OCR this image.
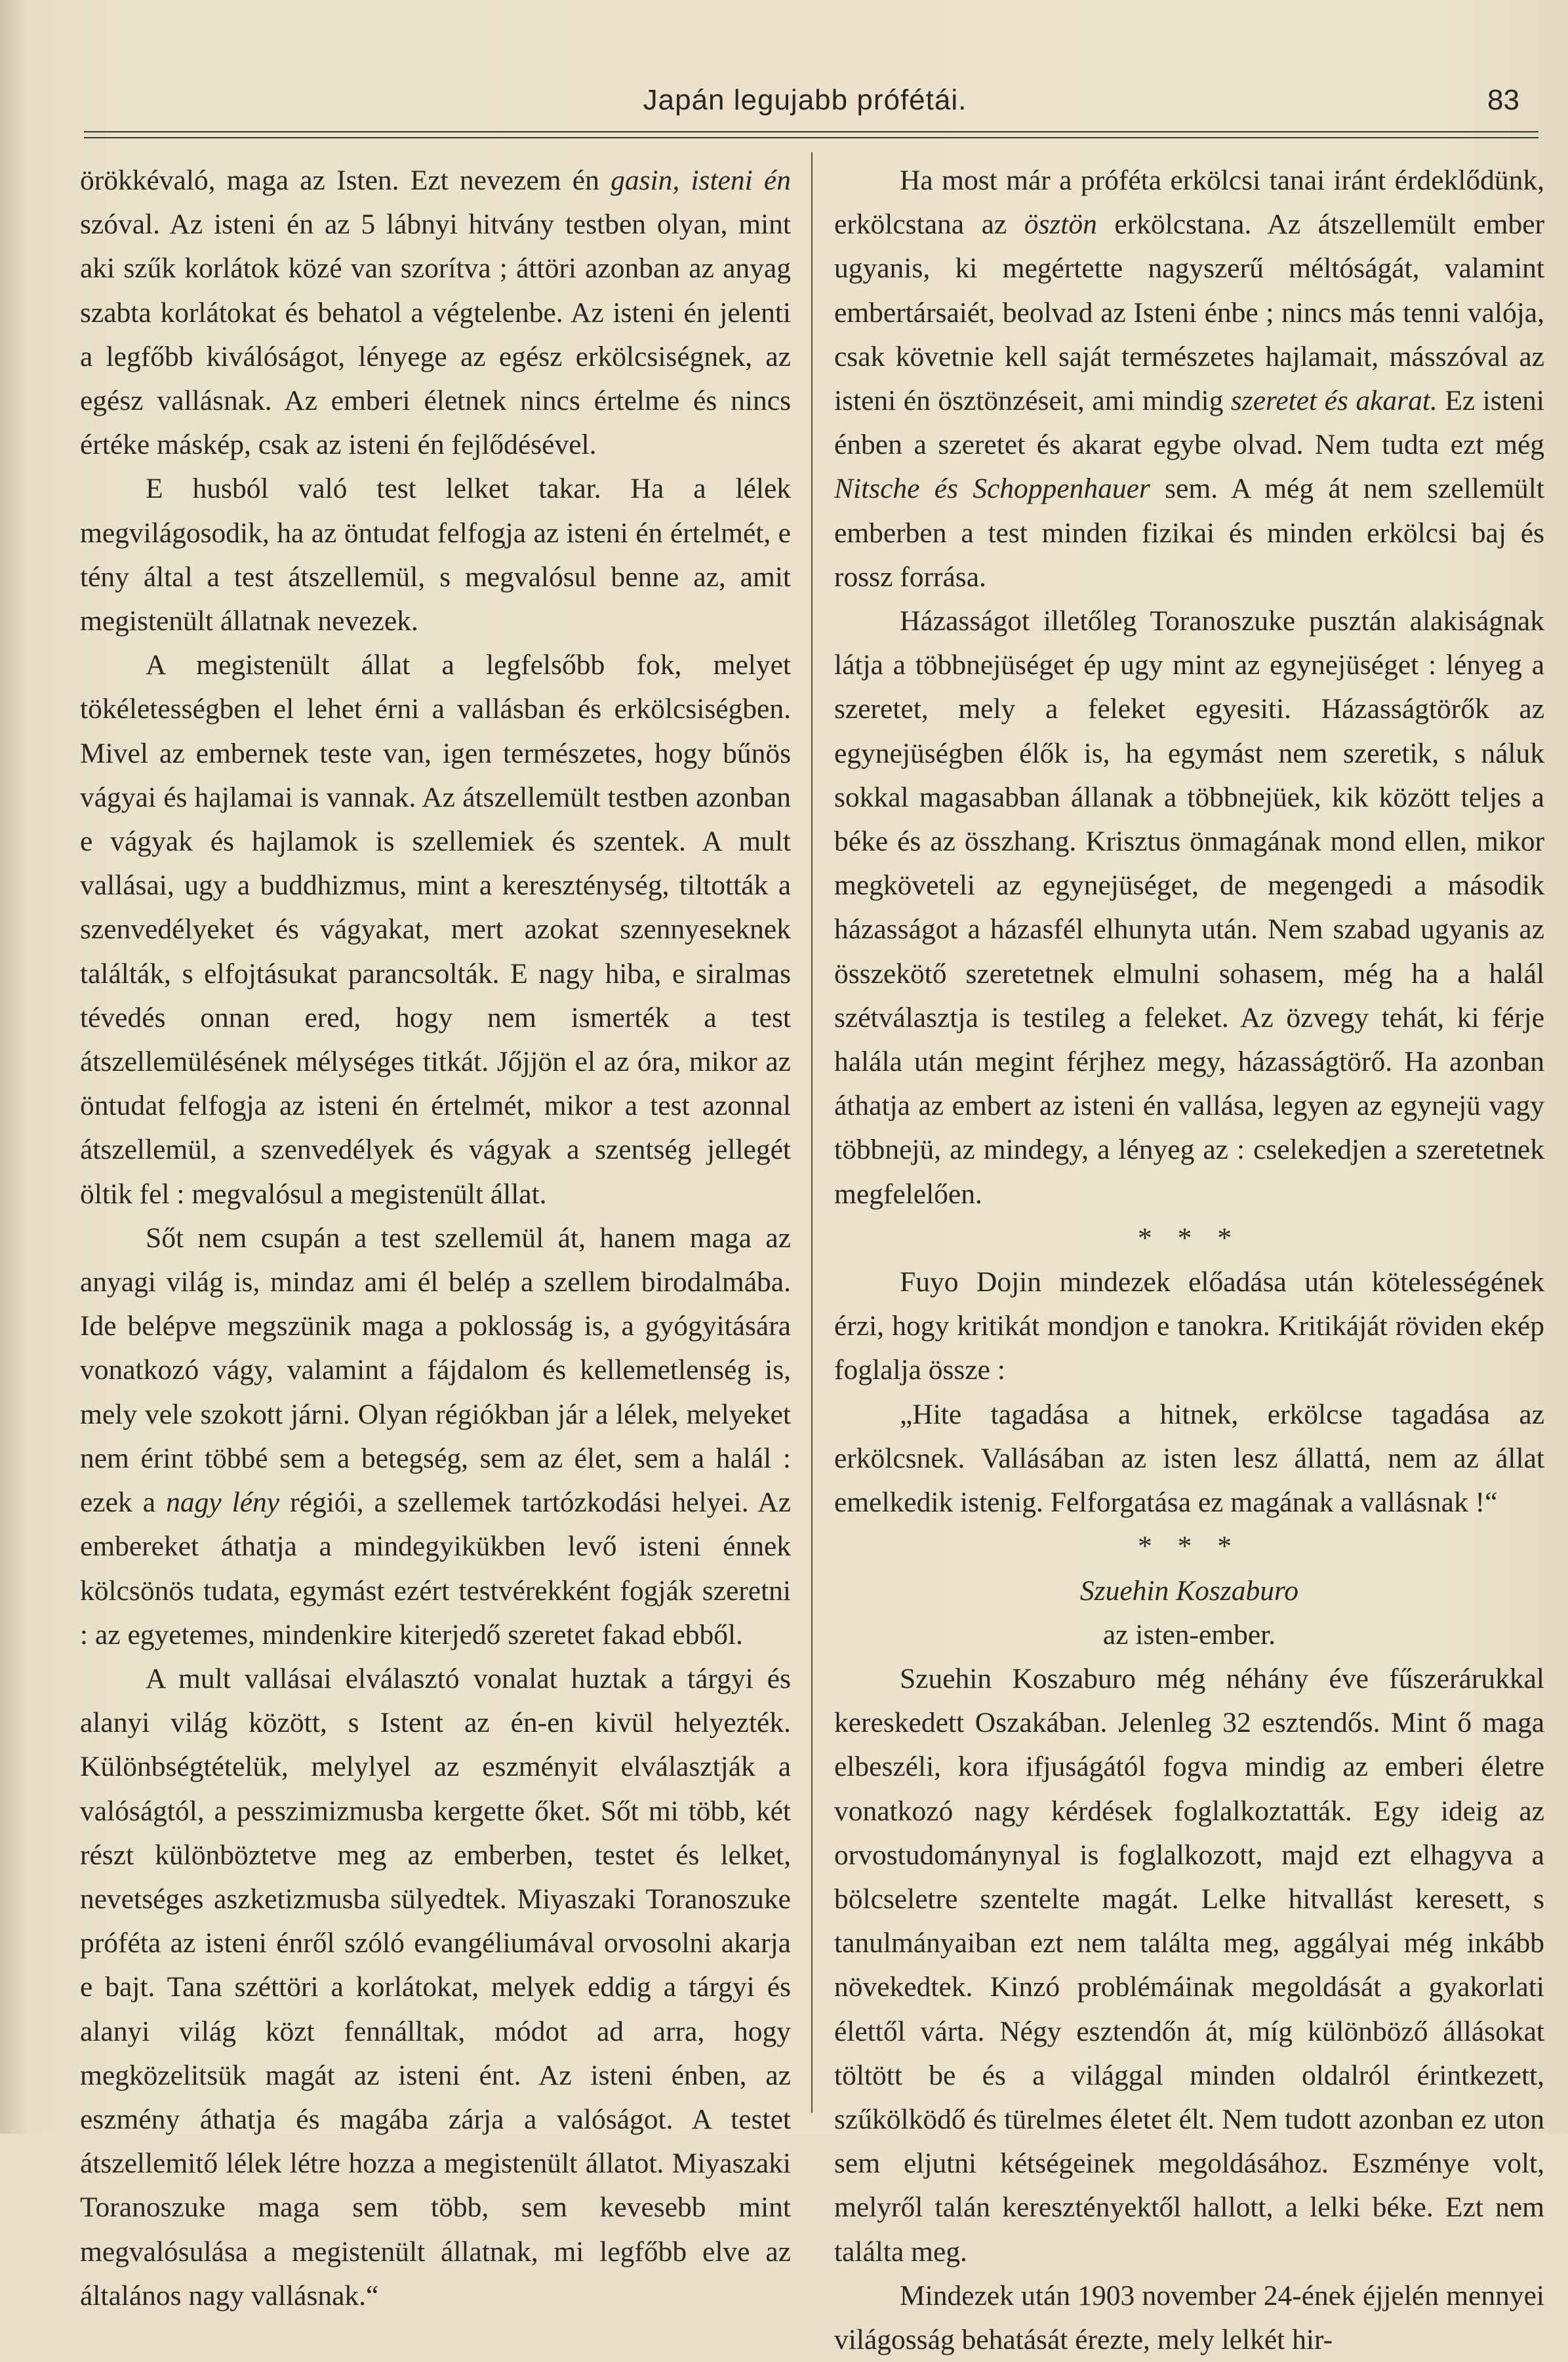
Japán legujabb prófétái.	83

örökkévaló, maga az Isten. Ezt nevezem én gasin, isteni én szóval. Az isteni én az 5 lábnyi hitvány testben olyan, mint aki szűk korlátok közé van szorítva ; áttöri azonban az anyag szabta korlátokat és behatol a végtelenbe. Az isteni én jelenti a legfőbb kiválóságot, lényege az egész erkölcsiségnek, az egész vallásnak. Az emberi életnek nincs értelme és nincs értéke máskép, csak az isteni én fejlődésével.

E husból való test lelket takar. Ha a lélek megvilágosodik, ha az öntudat felfogja az isteni én értelmét, e tény által a test átszellemül, s megvalósul benne az, amit megistenült állatnak nevezek.

A megistenült állat a legfelsőbb fok, melyet tökéletességben el lehet érni a vallásban és erkölcsiségben. Mivel az embernek teste van, igen természetes, hogy bűnös vágyai és hajlamai is vannak. Az átszellemült testben azonban e vágyak és hajlamok is szellemiek és szentek. A mult vallásai, ugy a buddhizmus, mint a kereszténység, tiltották a szenvedélyeket és vágyakat, mert azokat szennyeseknek találták, s elfojtásukat parancsolták. E nagy hiba, e siralmas tévedés onnan ered, hogy nem ismerték a test átszellemülésének mélységes titkát. Jőjjön el az óra, mikor az öntudat felfogja az isteni én értelmét, mikor a test azonnal átszellemül, a szenvedélyek és vágyak a szentség jellegét öltik fel : megvalósul a megistenült állat.

Sőt nem csupán a test szellemül át, hanem maga az anyagi világ is, mindaz ami él belép a szellem birodalmába. Ide belépve megszünik maga a poklosság is, a gyógyitására vonatkozó vágy, valamint a fájdalom és kellemetlenség is, mely vele szokott járni. Olyan régiókban jár a lélek, melyeket nem érint többé sem a betegség, sem az élet, sem a halál : ezek a nagy lény régiói, a szellemek tartózkodási helyei. Az embereket áthatja a mindegyikükben levő isteni énnek kölcsönös tudata, egymást ezért testvérekként fogják szeretni : az egyetemes, mindenkire kiterjedő szeretet fakad ebből.

A mult vallásai elválasztó vonalat huztak a tárgyi és alanyi világ között, s Istent az én-en kivül helyezték. Különbségtételük, melylyel az eszményit elválasztják a valóságtól, a pesszimizmusba kergette őket. Sőt mi több, két részt különböztetve meg az emberben, testet és lelket, nevetséges aszketizmusba sülyedtek. Miyaszaki Toranoszuke próféta az isteni énről szóló evangéliumával orvosolni akarja e bajt. Tana széttöri a korlátokat, melyek eddig a tárgyi és alanyi világ közt fennálltak, módot ad arra, hogy megközelitsük magát az isteni ént. Az isteni énben, az eszmény áthatja és magába zárja a valóságot. A testet átszellemitő lélek létre hozza a megistenült állatot. Miyaszaki Toranoszuke maga sem több, sem kevesebb mint megvalósulása a megistenült állatnak, mi legfőbb elve az általános nagy vallásnak.“

Ha most már a próféta erkölcsi tanai iránt érdeklődünk, erkölcstana az ösztön erkölcstana. Az átszellemült ember ugyanis, ki megértette nagyszerű méltóságát, valamint embertársaiét, beolvad az Isteni énbe ; nincs más tenni valója, csak követnie kell saját természetes hajlamait, másszóval az isteni én ösztönzéseit, ami mindig szeretet és akarat. Ez isteni énben a szeretet és akarat egybe olvad. Nem tudta ezt még Nitsche és Schoppenhauer sem. A még át nem szellemült emberben a test minden fizikai és minden erkölcsi baj és rossz forrása.

Házasságot illetőleg Toranoszuke pusztán alakiságnak látja a többnejüséget ép ugy mint az egynejüséget : lényeg a szeretet, mely a feleket egyesiti. Házasságtörők az egynejüségben élők is, ha egymást nem szeretik, s náluk sokkal magasabban állanak a többnejüek, kik között teljes a béke és az összhang. Krisztus önmagának mond ellen, mikor megköveteli az egynejüséget, de megengedi a második házasságot a házasfél elhunyta után. Nem szabad ugyanis az összekötő szeretetnek elmulni sohasem, még ha a halál szétválasztja is testileg a feleket. Az özvegy tehát, ki férje halála után megint férjhez megy, házasságtörő. Ha azonban áthatja az embert az isteni én vallása, legyen az egynejü vagy többnejü, az mindegy, a lényeg az : cselekedjen a szeretetnek megfelelően.

* * *

Fuyo Dojin mindezek előadása után kötelességének érzi, hogy kritikát mondjon e tanokra. Kritikáját röviden ekép foglalja össze :

„Hite tagadása a hitnek, erkölcse tagadása az erkölcsnek. Vallásában az isten lesz állattá, nem az állat emelkedik istenig. Felforgatása ez magának a vallásnak !“

* * *

Szuehin Koszaburo

az isten-ember.

Szuehin Koszaburo még néhány éve fűszerárukkal kereskedett Oszakában. Jelenleg 32 esztendős. Mint ő maga elbeszéli, kora ifjuságától fogva mindig az emberi életre vonatkozó nagy kérdések foglalkoztatták. Egy ideig az orvostudománynyal is foglalkozott, majd ezt elhagyva a bölcseletre szentelte magát. Lelke hitvallást keresett, s tanulmányaiban ezt nem találta meg, aggályai még inkább növekedtek. Kinzó problémáinak megoldását a gyakorlati élettől várta. Négy esztendőn át, míg különböző állásokat töltött be és a világgal minden oldalról érintkezett, szűkölködő és türelmes életet élt. Nem tudott azonban ez uton sem eljutni kétségeinek megoldásához. Eszménye volt, melyről talán keresztényektől hallott, a lelki béke. Ezt nem találta meg.

Mindezek után 1903 november 24-ének éjjelén mennyei világosság behatását érezte, mely lelkét hir-
